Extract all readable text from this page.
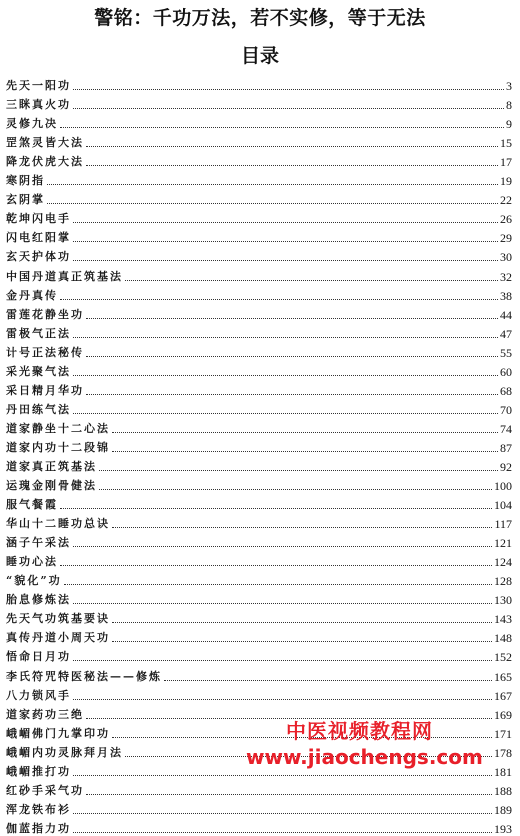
警铭：千功万法，若不实修，等于无法
目录
先天一阳功	3
三眯真火功	8
灵修九决	9
罡煞灵皆大法	15
降龙伏虎大法	17
寒阴指	19
玄阴掌	22
乾坤闪电手	26
闪电红阳掌	29
玄天护体功	30
中国丹道真正筑基法	32
金丹真传	38
雷莲花静坐功	44
雷极气正法	47
计号正法秘传	55
采光聚气法	60
采日精月华功	68
丹田练气法	70
道家静坐十二心法	74
道家内功十二段锦	87
道家真正筑基法	92
运瑰金刚骨健法	100
服气餐霞	104
华山十二睡功总诀	117
涵子午采法	121
睡功心法	124
“貌化”功	128
胎息修炼法	130
先天气功筑基要诀	143
真传丹道小周天功	148
悟命日月功	152
李氏符咒特医秘法——修炼	165
八力锁风手	167
道家药功三绝	169
峨嵋佛门九掌印功	171
峨嵋内功灵脉拜月法	178
峨嵋推打功	181
红砂手采气功	188
浑龙铁布衫	189
伽蓝指力功	193
中医视频教程网
www.jiaochengs.com
